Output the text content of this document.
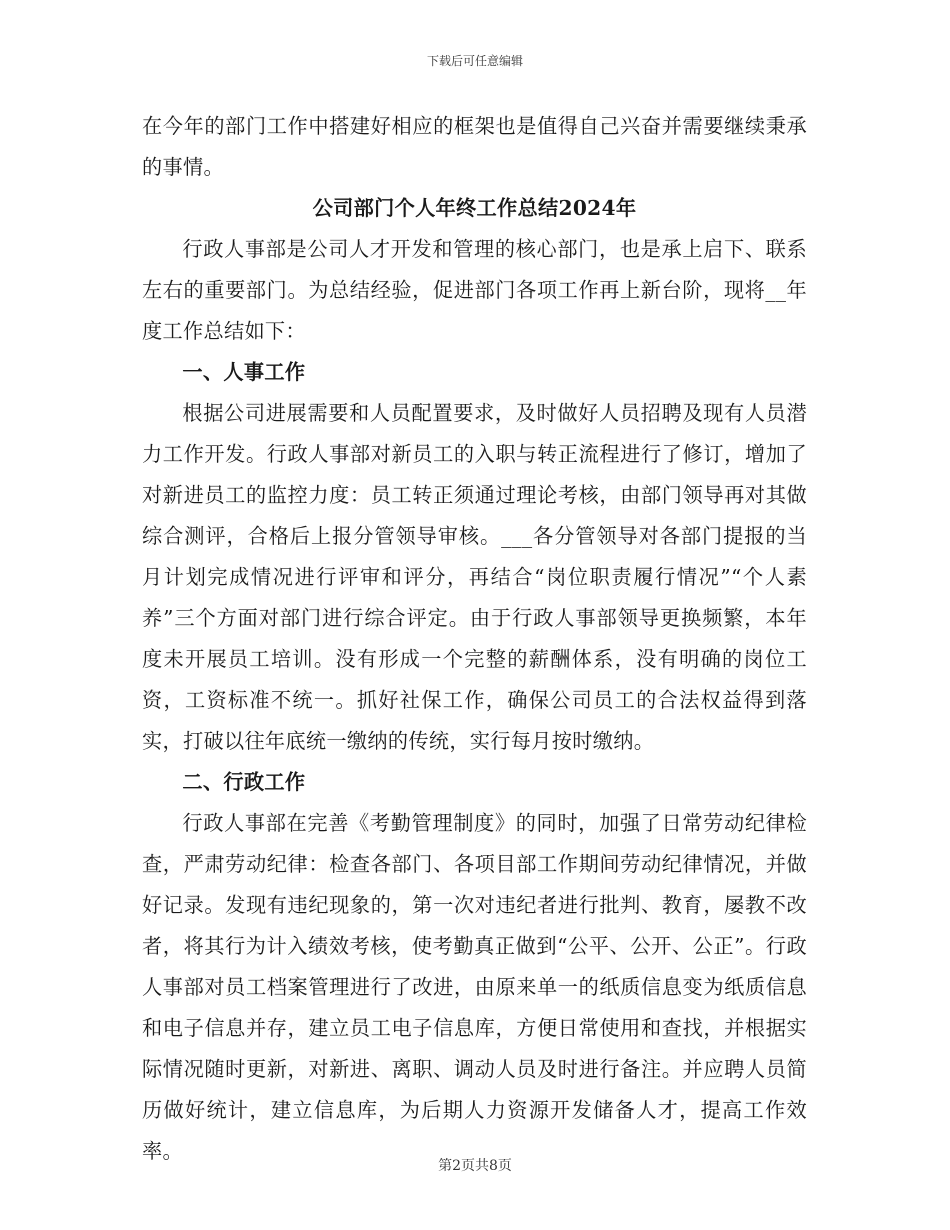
下载后可任意编辑

在今年的部门工作中搭建好相应的框架也是值得自己兴奋并需要继续秉承的事情。

公司部门个人年终工作总结2024年

行政人事部是公司人才开发和管理的核心部门，也是承上启下、联系左右的重要部门。为总结经验，促进部门各项工作再上新台阶，现将__年度工作总结如下：

一、人事工作

根据公司进展需要和人员配置要求，及时做好人员招聘及现有人员潜力工作开发。行政人事部对新员工的入职与转正流程进行了修订，增加了对新进员工的监控力度：员工转正须通过理论考核，由部门领导再对其做综合测评，合格后上报分管领导审核。___各分管领导对各部门提报的当月计划完成情况进行评审和评分，再结合“岗位职责履行情况”“个人素养”三个方面对部门进行综合评定。由于行政人事部领导更换频繁，本年度未开展员工培训。没有形成一个完整的薪酬体系，没有明确的岗位工资，工资标准不统一。抓好社保工作，确保公司员工的合法权益得到落实，打破以往年底统一缴纳的传统，实行每月按时缴纳。

二、行政工作

行政人事部在完善《考勤管理制度》的同时，加强了日常劳动纪律检查，严肃劳动纪律：检查各部门、各项目部工作期间劳动纪律情况，并做好记录。发现有违纪现象的，第一次对违纪者进行批判、教育，屡教不改者，将其行为计入绩效考核，使考勤真正做到“公平、公开、公正”。行政人事部对员工档案管理进行了改进，由原来单一的纸质信息变为纸质信息和电子信息并存，建立员工电子信息库，方便日常使用和查找，并根据实际情况随时更新，对新进、离职、调动人员及时进行备注。并应聘人员简历做好统计，建立信息库，为后期人力资源开发储备人才，提高工作效率。

第2页共8页
